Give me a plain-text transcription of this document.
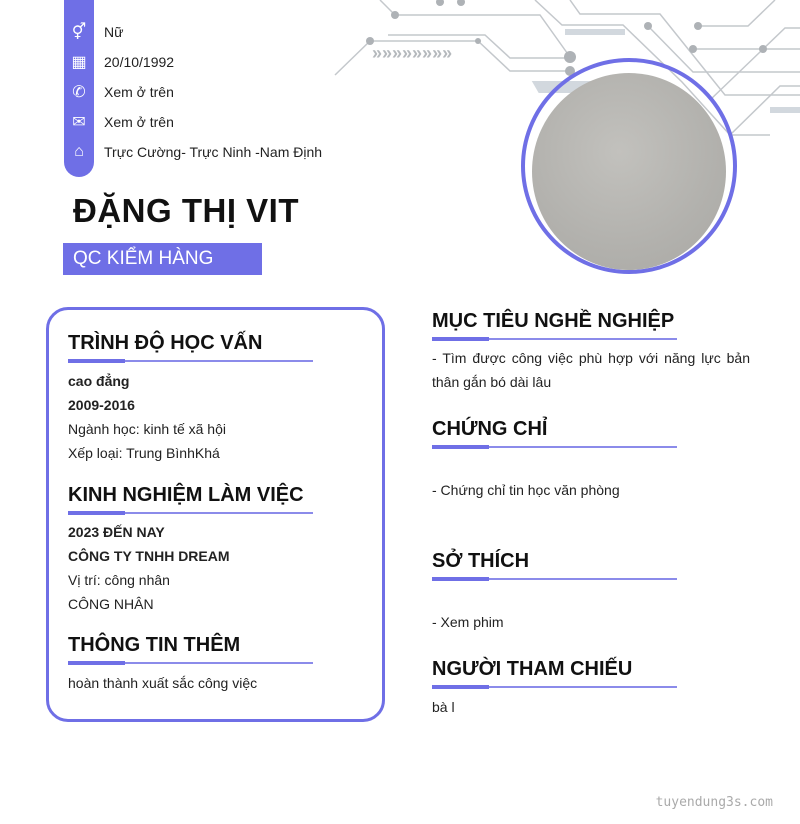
»»»»»»»»
⚥	Nữ
▦	20/10/1992
✆	Xem ở trên
✉	Xem ở trên
⌂	Trực Cường- Trực Ninh -Nam Định
ĐẶNG THỊ VIT
QC KIỂM HÀNG
TRÌNH ĐỘ HỌC VẤN
cao đẳng
2009-2016
Ngành học: kinh tế xã hội
Xếp loại: Trung BìnhKhá
KINH NGHIỆM LÀM VIỆC
2023 ĐẾN NAY
CÔNG TY TNHH DREAM
Vị trí: công nhân
CÔNG NHÂN
THÔNG TIN THÊM
hoàn thành xuất sắc công việc
MỤC TIÊU NGHỀ NGHIỆP
- Tìm được công việc phù hợp với năng lực bản
thân gắn bó dài lâu
CHỨNG CHỈ
- Chứng chỉ tin học văn phòng
SỞ THÍCH
- Xem phim
NGƯỜI THAM CHIẾU
bà l
tuyendung3s.com
